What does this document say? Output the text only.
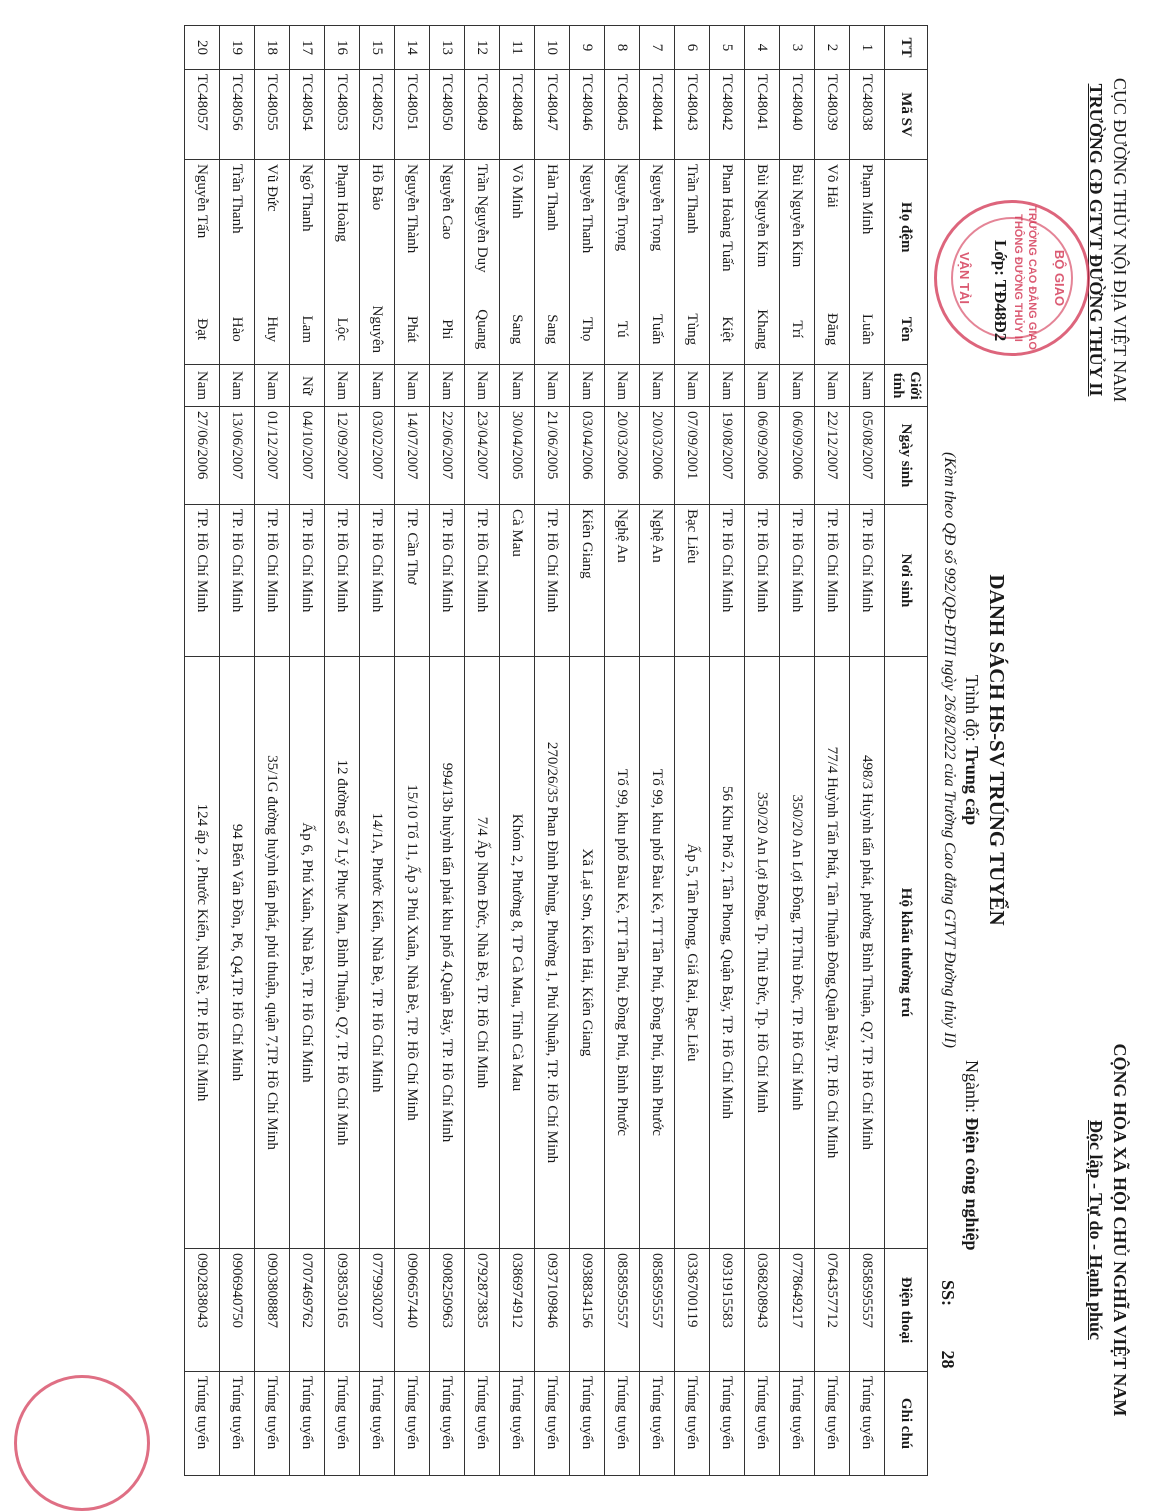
CỤC ĐƯỜNG THỦY NỘI ĐỊA VIỆT NAM
TRƯỜNG CĐ GTVT ĐƯỜNG THỦY II
BỘ GIAO
TRƯỜNG CAO ĐẲNG GIAO THÔNG ĐƯỜNG THỦY II
VẬN TẢI
CỘNG HÒA XÃ HỘI CHỦ NGHĨA VIỆT NAM
Độc lập - Tự do - Hạnh phúc
DANH SÁCH HS-SV TRÚNG TUYỂN
Lớp: TĐ48Đ2
Trình độ: Trung cấp
(Kèm theo QĐ số 992/QĐ-ĐTII ngày 26/8/2022 của Trường Cao đẳng GTVT Đường thủy II)
Ngành: Điện công nghiệp
SS: 28
TT	Mã SV	Họ đệm	Tên	Giới tính	Ngày sinh	Nơi sinh	Hộ khẩu thường trú	Điện thoại	Ghi chú
1	TC48038	Phạm Minh	Luân	Nam	05/08/2007	TP. Hồ Chí Minh	498/3 Huỳnh tấn phát, phường Bình Thuận, Q7, TP. Hồ Chí Minh	0858595557	Trúng tuyển
2	TC48039	Võ Hải	Đăng	Nam	22/12/2007	TP. Hồ Chí Minh	77/4 Huỳnh Tấn Phát, Tân Thuận Đông,Quận Bảy, TP. Hồ Chí Minh	0764357712	Trúng tuyển
3	TC48040	Bùi Nguyễn Kim	Trí	Nam	06/09/2006	TP. Hồ Chí Minh	350/20 An Lợi Đông, TP.Thủ Đức, TP. Hồ Chí Minh	0778649217	Trúng tuyển
4	TC48041	Bùi Nguyễn Kim	Khang	Nam	06/09/2006	TP. Hồ Chí Minh	350/20 An Lợi Đông, Tp. Thủ Đức, Tp. Hồ Chí Minh	0368208943	Trúng tuyển
5	TC48042	Phan Hoàng Tuấn	Kiệt	Nam	19/08/2007	TP. Hồ Chí Minh	56 Khu Phố 2, Tân Phong, Quận Bảy, TP. Hồ Chí Minh	0931915583	Trúng tuyển
6	TC48043	Trần Thanh	Tùng	Nam	07/09/2001	Bạc Liêu	Ấp 5, Tân Phong, Giá Rai, Bạc Liêu	0336700119	Trúng tuyển
7	TC48044	Nguyễn Trọng	Tuấn	Nam	20/03/2006	Nghệ An	Tổ 99, khu phố Bàu Kè, TT Tân Phú, Đồng Phú, Bình Phước	0858595557	Trúng tuyển
8	TC48045	Nguyễn Trọng	Tú	Nam	20/03/2006	Nghệ An	Tổ 99, khu phố Bàu Kè, TT Tân Phú, Đồng Phú, Bình Phước	0858595557	Trúng tuyển
9	TC48046	Nguyễn Thanh	Thọ	Nam	03/04/2006	Kiên Giang	Xã Lại Sơn, Kiên Hải, Kiên Giang	0938834156	Trúng tuyển
10	TC48047	Hàn Thanh	Sang	Nam	21/06/2005	TP. Hồ Chí Minh	270/26/35 Phan Đình Phùng, Phường 1, Phú Nhuận, TP. Hồ Chí Minh	0937109846	Trúng tuyển
11	TC48048	Võ Minh	Sang	Nam	30/04/2005	Cà Mau	Khóm 2, Phường 8, TP Cà Mau, Tỉnh Cà Mau	0386974912	Trúng tuyển
12	TC48049	Trần Nguyễn Duy	Quang	Nam	23/04/2007	TP. Hồ Chí Minh	7/4 Ấp Nhơn Đức, Nhà Bè, TP. Hồ Chí Minh	0792873835	Trúng tuyển
13	TC48050	Nguyễn Cao	Phi	Nam	22/06/2007	TP. Hồ Chí Minh	994/13b huỳnh tấn phát khu phố 4,Quận Bảy, TP. Hồ Chí Minh	0908250963	Trúng tuyển
14	TC48051	Nguyễn Thành	Phát	Nam	14/07/2007	TP. Cần Thơ	15/10 Tổ 11, Ấp 3 Phú Xuân, Nhà Bè, TP. Hồ Chí Minh	0906657440	Trúng tuyển
15	TC48052	Hồ Bảo	Nguyên	Nam	03/02/2007	TP. Hồ Chí Minh	14/1A, Phước Kiển, Nhà Bè, TP. Hồ Chí Minh	0779930207	Trúng tuyển
16	TC48053	Phạm Hoàng	Lộc	Nam	12/09/2007	TP. Hồ Chí Minh	12 đường số 7 Lý Phục Man, Bình Thuận, Q7, TP. Hồ Chí Minh	0938530165	Trúng tuyển
17	TC48054	Ngô Thanh	Lam	Nữ	04/10/2007	TP. Hồ Chí Minh	Ấp 6, Phú Xuân, Nhà Bè, TP. Hồ Chí Minh	0707469762	Trúng tuyển
18	TC48055	Vũ Đức	Huy	Nam	01/12/2007	TP. Hồ Chí Minh	35/1G đường huỳnh tấn phát, phú thuận, quận 7,TP. Hồ Chí Minh	0903808887	Trúng tuyển
19	TC48056	Trần Thanh	Hào	Nam	13/06/2007	TP. Hồ Chí Minh	94 Bến Vân Đồn, P6, Q4,TP. Hồ Chí Minh	0906940750	Trúng tuyển
20	TC48057	Nguyễn Tấn	Đạt	Nam	27/06/2006	TP. Hồ Chí Minh	124 ấp 2 , Phước Kiển, Nhà Bè, TP. Hồ Chí Minh	0902838043	Trúng tuyển
